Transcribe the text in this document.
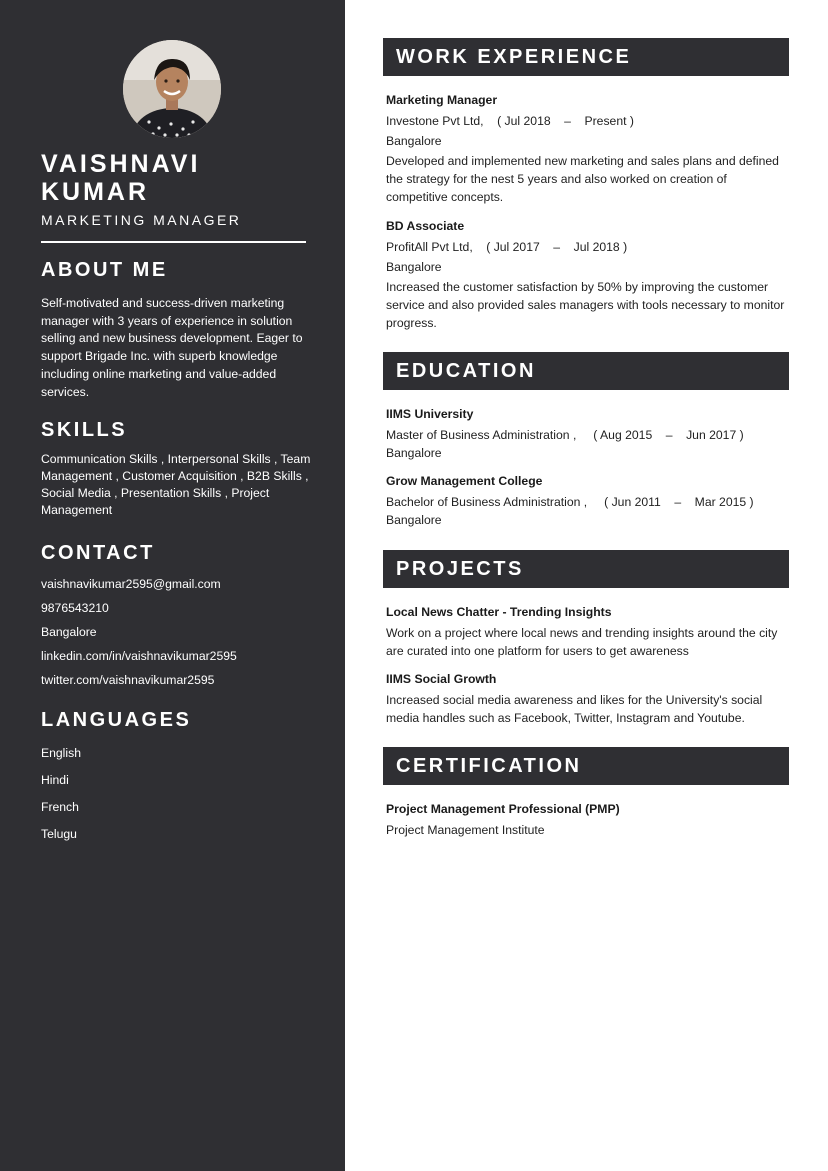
VAISHNAVI
KUMAR
MARKETING MANAGER
ABOUT ME
Self-motivated and success-driven marketing manager with 3 years of experience in solution selling and new business development. Eager to support Brigade Inc. with superb knowledge including online marketing and value-added services.
SKILLS
Communication Skills , Interpersonal Skills , Team Management , Customer Acquisition , B2B Skills , Social Media , Presentation Skills , Project Management
CONTACT
vaishnavikumar2595@gmail.com
9876543210
Bangalore
linkedin.com/in/vaishnavikumar2595
twitter.com/vaishnavikumar2595
LANGUAGES
English
Hindi
French
Telugu
WORK EXPERIENCE
Marketing Manager
Investone Pvt Ltd,    ( Jul 2018    –    Present )
Bangalore
Developed and implemented new marketing and sales plans and defined the strategy for the nest 5 years and also worked on creation of competitive concepts.
BD Associate
ProfitAll Pvt Ltd,    ( Jul 2017    –    Jul 2018 )
Bangalore
Increased the customer satisfaction by 50% by improving the customer service and also provided sales managers with tools necessary to monitor progress.
EDUCATION
IIMS University
Master of Business Administration ,     ( Aug 2015    –    Jun 2017 )
Bangalore
Grow Management College
Bachelor of Business Administration ,     ( Jun 2011    –    Mar 2015 )
Bangalore
PROJECTS
Local News Chatter - Trending Insights
Work on a project where local news and trending insights around the city are curated into one platform for users to get awareness
IIMS Social Growth
Increased social media awareness and likes for the University's social media handles such as Facebook, Twitter, Instagram and Youtube.
CERTIFICATION
Project Management Professional (PMP)
Project Management Institute
